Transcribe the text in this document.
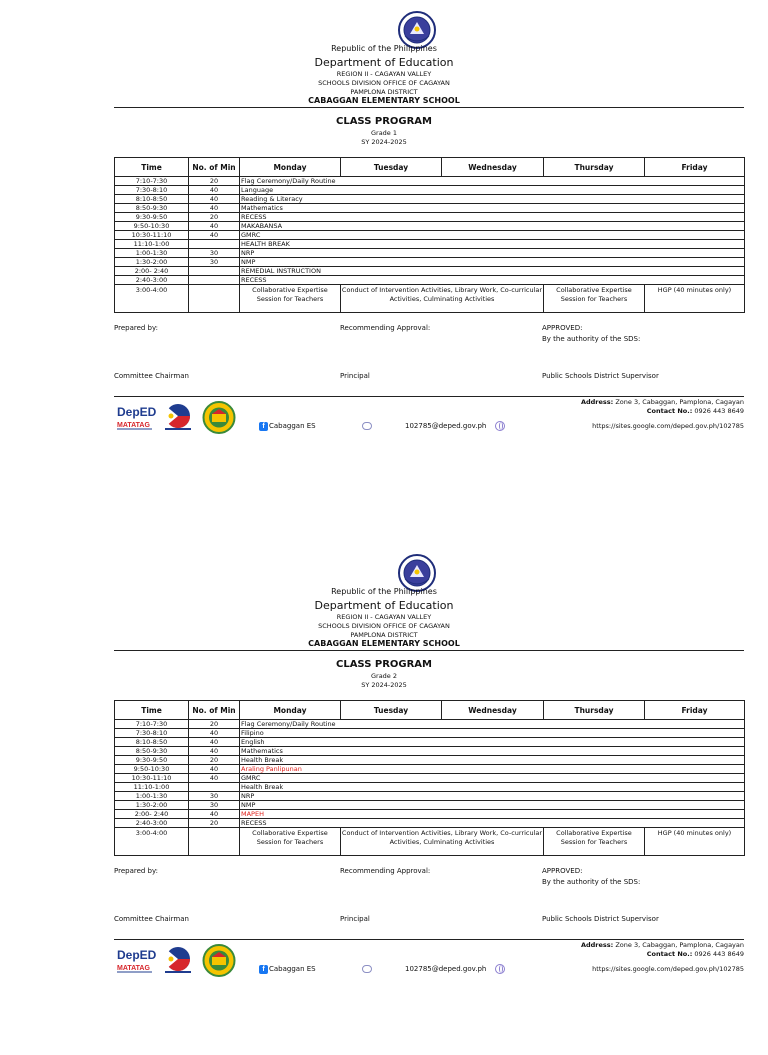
Republic of the Philippines
Department of Education
REGION II - CAGAYAN VALLEY
SCHOOLS DIVISION OFFICE OF CAGAYAN
PAMPLONA DISTRICT
CABAGGAN ELEMENTARY SCHOOL
CLASS PROGRAM
Grade 1
SY 2024-2025
Time	No. of Min	Monday	Tuesday	Wednesday	Thursday	Friday
7:10-7:30	20	Flag Ceremony/Daily Routine				
7:30-8:10	40	Language				
8:10-8:50	40	Reading & Literacy				
8:50-9:30	40	Mathematics				
9:30-9:50	20	RECESS				
9:50-10:30	40	MAKABANSA				
10:30-11:10	40	GMRC				
11:10-1:00		HEALTH BREAK				
1:00-1:30	30	NRP				
1:30-2:00	30	NMP				
2:00- 2:40		REMEDIAL INSTRUCTION				
2:40-3:00		RECESS				
3:00-4:00		Collaborative Expertise Session for Teachers	Conduct of Intervention Activities, Library Work, Co-curricular Activities, Culminating Activities		Collaborative Expertise Session for Teachers	HGP (40 minutes only)
Prepared by:	Recommending Approval:	APPROVED:
By the authority of the SDS:
Committee Chairman	Principal	Public Schools District Supervisor
DepED
MATATAG	f Cabaggan ES	102785@deped.gov.ph
Address: Zone 3, Cabaggan, Pamplona, Cagayan
Contact No.: 0926 443 8649
https://sites.google.com/deped.gov.ph/102785
Republic of the Philippines
Department of Education
REGION II - CAGAYAN VALLEY
SCHOOLS DIVISION OFFICE OF CAGAYAN
PAMPLONA DISTRICT
CABAGGAN ELEMENTARY SCHOOL
CLASS PROGRAM
Grade 2
SY 2024-2025
Time	No. of Min	Monday	Tuesday	Wednesday	Thursday	Friday
7:10-7:30	20	Flag Ceremony/Daily Routine				
7:30-8:10	40	Filipino				
8:10-8:50	40	English				
8:50-9:30	40	Mathematics				
9:30-9:50	20	Health Break				
9:50-10:30	40	Araling Panlipunan				
10:30-11:10	40	GMRC				
11:10-1:00		Health Break				
1:00-1:30	30	NRP				
1:30-2:00	30	NMP				
2:00- 2:40	40	MAPEH				
2:40-3:00	20	RECESS				
3:00-4:00		Collaborative Expertise Session for Teachers	Conduct of Intervention Activities, Library Work, Co-curricular Activities, Culminating Activities		Collaborative Expertise Session for Teachers	HGP (40 minutes only)
Prepared by:	Recommending Approval:	APPROVED:
By the authority of the SDS:
Committee Chairman	Principal	Public Schools District Supervisor
DepED
MATATAG	f Cabaggan ES	102785@deped.gov.ph
Address: Zone 3, Cabaggan, Pamplona, Cagayan
Contact No.: 0926 443 8649
https://sites.google.com/deped.gov.ph/102785
